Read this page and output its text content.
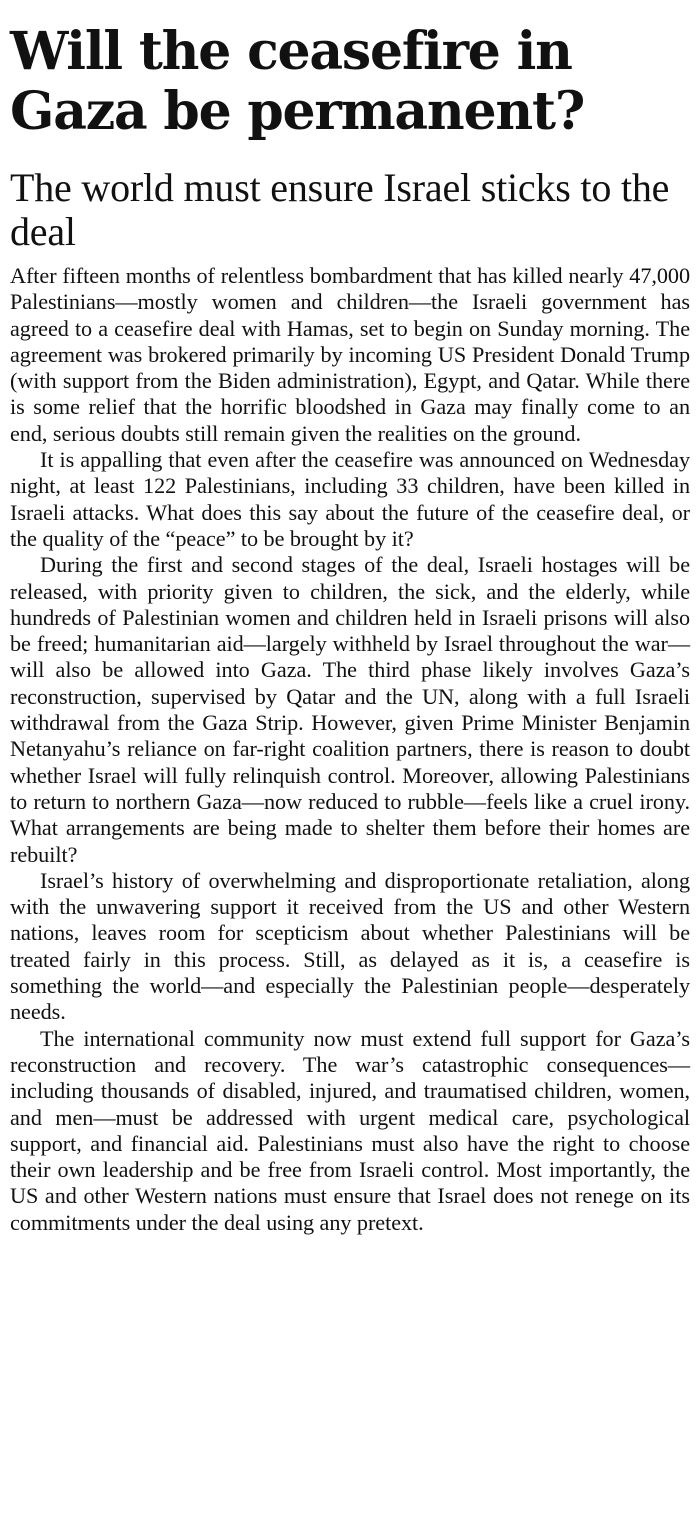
Will the ceasefire in Gaza be permanent?
The world must ensure Israel sticks to the deal

After fifteen months of relentless bombardment that has killed nearly 47,000 Palestinians—mostly women and children—the Israeli government has agreed to a ceasefire deal with Hamas, set to begin on Sunday morning. The agreement was brokered primarily by incoming US President Donald Trump (with support from the Biden administration), Egypt, and Qatar. While there is some relief that the horrific bloodshed in Gaza may finally come to an end, serious doubts still remain given the realities on the ground.

It is appalling that even after the ceasefire was announced on Wednesday night, at least 122 Palestinians, including 33 children, have been killed in Israeli attacks. What does this say about the future of the ceasefire deal, or the quality of the “peace” to be brought by it?

During the first and second stages of the deal, Israeli hostages will be released, with priority given to children, the sick, and the elderly, while hundreds of Palestinian women and children held in Israeli prisons will also be freed; humanitarian aid—largely withheld by Israel throughout the war—will also be allowed into Gaza. The third phase likely involves Gaza’s reconstruction, supervised by Qatar and the UN, along with a full Israeli withdrawal from the Gaza Strip. However, given Prime Minister Benjamin Netanyahu’s reliance on far-right coalition partners, there is reason to doubt whether Israel will fully relinquish control. Moreover, allowing Palestinians to return to northern Gaza—now reduced to rubble—feels like a cruel irony. What arrangements are being made to shelter them before their homes are rebuilt?

Israel’s history of overwhelming and disproportionate retaliation, along with the unwavering support it received from the US and other Western nations, leaves room for scepticism about whether Palestinians will be treated fairly in this process. Still, as delayed as it is, a ceasefire is something the world—and especially the Palestinian people—desperately needs.

The international community now must extend full support for Gaza’s reconstruction and recovery. The war’s catastrophic consequences—including thousands of disabled, injured, and traumatised children, women, and men—must be addressed with urgent medical care, psychological support, and financial aid. Palestinians must also have the right to choose their own leadership and be free from Israeli control. Most importantly, the US and other Western nations must ensure that Israel does not renege on its commitments under the deal using any pretext.
